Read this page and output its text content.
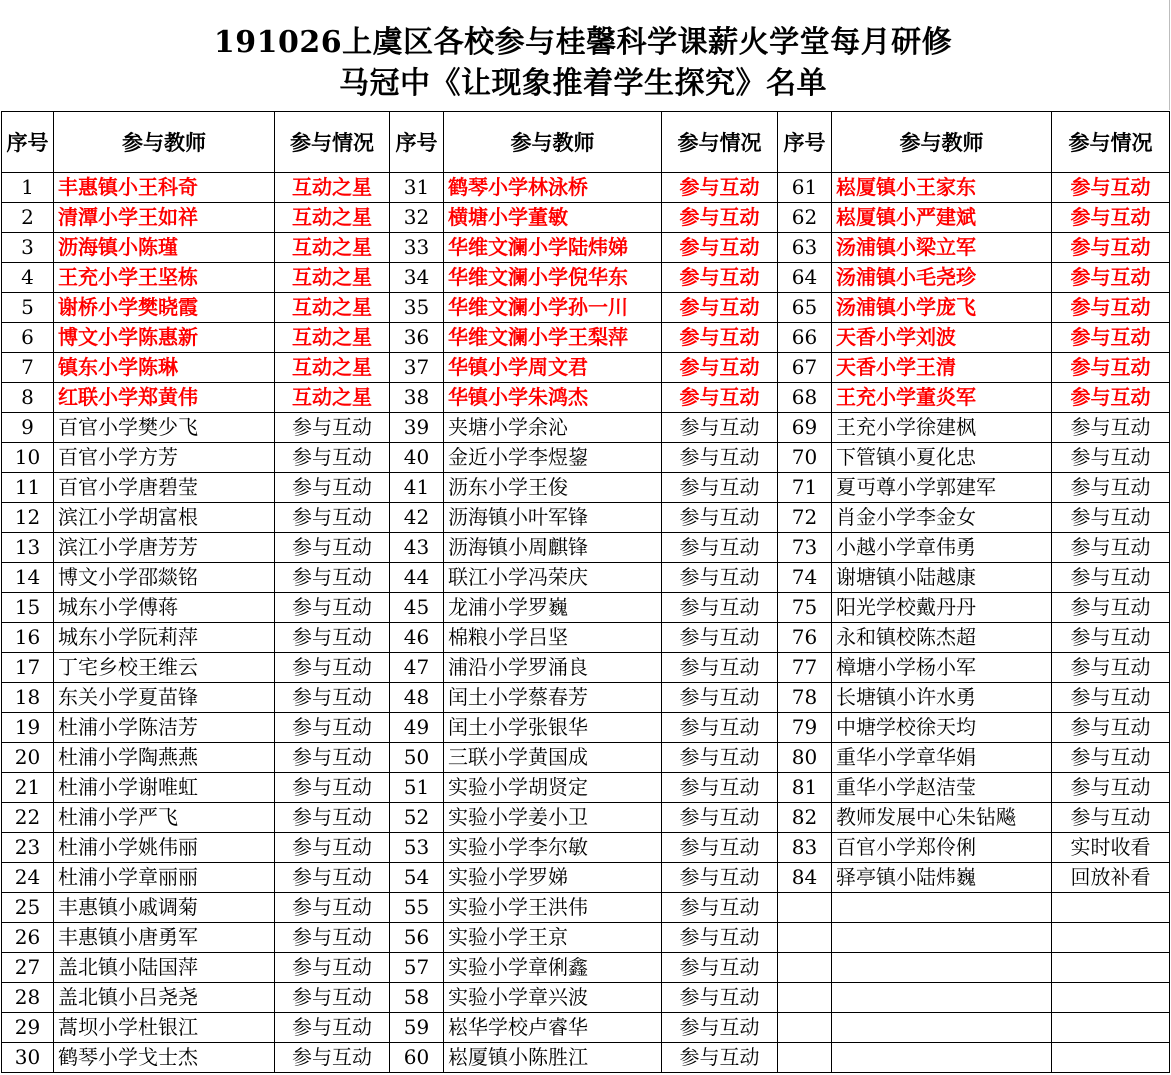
191026上虞区各校参与桂馨科学课薪火学堂每月研修
马冠中《让现象推着学生探究》名单
序号	参与教师	参与情况	序号	参与教师	参与情况	序号	参与教师	参与情况
1	丰惠镇小王科奇	互动之星	31	鹤琴小学林泳桥	参与互动	61	崧厦镇小王家东	参与互动
2	清潭小学王如祥	互动之星	32	横塘小学董敏	参与互动	62	崧厦镇小严建斌	参与互动
3	沥海镇小陈瑾	互动之星	33	华维文澜小学陆炜娣	参与互动	63	汤浦镇小梁立军	参与互动
4	王充小学王坚栋	互动之星	34	华维文澜小学倪华东	参与互动	64	汤浦镇小毛尧珍	参与互动
5	谢桥小学樊晓霞	互动之星	35	华维文澜小学孙一川	参与互动	65	汤浦镇小学庞飞	参与互动
6	博文小学陈惠新	互动之星	36	华维文澜小学王梨萍	参与互动	66	天香小学刘波	参与互动
7	镇东小学陈琳	互动之星	37	华镇小学周文君	参与互动	67	天香小学王清	参与互动
8	红联小学郑黄伟	互动之星	38	华镇小学朱鸿杰	参与互动	68	王充小学董炎军	参与互动
9	百官小学樊少飞	参与互动	39	夹塘小学余沁	参与互动	69	王充小学徐建枫	参与互动
10	百官小学方芳	参与互动	40	金近小学李煜鋆	参与互动	70	下管镇小夏化忠	参与互动
11	百官小学唐碧莹	参与互动	41	沥东小学王俊	参与互动	71	夏丏尊小学郭建军	参与互动
12	滨江小学胡富根	参与互动	42	沥海镇小叶军锋	参与互动	72	肖金小学李金女	参与互动
13	滨江小学唐芳芳	参与互动	43	沥海镇小周麒锋	参与互动	73	小越小学章伟勇	参与互动
14	博文小学邵燚铭	参与互动	44	联江小学冯荣庆	参与互动	74	谢塘镇小陆越康	参与互动
15	城东小学傅蒋	参与互动	45	龙浦小学罗巍	参与互动	75	阳光学校戴丹丹	参与互动
16	城东小学阮莉萍	参与互动	46	棉粮小学吕坚	参与互动	76	永和镇校陈杰超	参与互动
17	丁宅乡校王维云	参与互动	47	浦沿小学罗涌良	参与互动	77	樟塘小学杨小军	参与互动
18	东关小学夏苗锋	参与互动	48	闰土小学蔡春芳	参与互动	78	长塘镇小许水勇	参与互动
19	杜浦小学陈洁芳	参与互动	49	闰土小学张银华	参与互动	79	中塘学校徐天均	参与互动
20	杜浦小学陶燕燕	参与互动	50	三联小学黄国成	参与互动	80	重华小学章华娟	参与互动
21	杜浦小学谢唯虹	参与互动	51	实验小学胡贤定	参与互动	81	重华小学赵洁莹	参与互动
22	杜浦小学严飞	参与互动	52	实验小学姜小卫	参与互动	82	教师发展中心朱钻飚	参与互动
23	杜浦小学姚伟丽	参与互动	53	实验小学李尔敏	参与互动	83	百官小学郑伶俐	实时收看
24	杜浦小学章丽丽	参与互动	54	实验小学罗娣	参与互动	84	驿亭镇小陆炜巍	回放补看
25	丰惠镇小戚调菊	参与互动	55	实验小学王洪伟	参与互动			
26	丰惠镇小唐勇军	参与互动	56	实验小学王京	参与互动			
27	盖北镇小陆国萍	参与互动	57	实验小学章俐鑫	参与互动			
28	盖北镇小吕尧尧	参与互动	58	实验小学章兴波	参与互动			
29	蒿坝小学杜银江	参与互动	59	崧华学校卢睿华	参与互动			
30	鹤琴小学戈士杰	参与互动	60	崧厦镇小陈胜江	参与互动			
